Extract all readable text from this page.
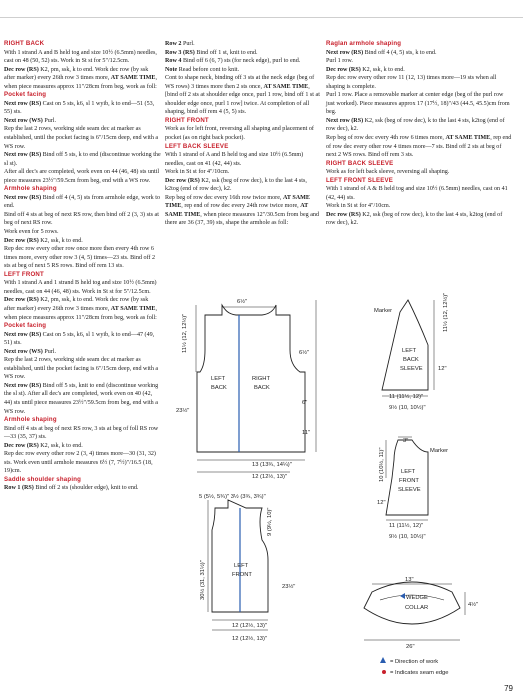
RIGHT BACK

With 1 strand A and B held tog and size 10½ (6.5mm) needles, cast on 48 (50, 52) sts. Work in St st for 5"/12.5cm.

Dec row (RS) K2, pm, ssk, k to end. Work dec row (by ssk after marker) every 26th row 3 times more, AT SAME TIME, when piece measures approx 11"/28cm from beg, work as foll:

Pocket facing

Next row (RS) Cast on 5 sts, k6, sl 1 wyib, k to end—51 (53, 55) sts.

Next row (WS) Purl.

Rep the last 2 rows, working side seam dec at marker as established, until the pocket facing is 6"/15cm deep, end with a WS row.

Next row (RS) Bind off 5 sts, k to end (discontinue working the sl st).

After all dec's are completed, work even on 44 (46, 48) sts until piece measures 23½"/59.5cm from beg, end with a WS row.

Armhole shaping

Next row (RS) Bind off 4 (4, 5) sts from armhole edge, work to end.

Bind off 4 sts at beg of next RS row, then bind off 2 (3, 3) sts at beg of next RS row.

Work even for 5 rows.

Dec row (RS) K2, ssk, k to end.

Rep dec row every other row once more then every 4th row 6 times more, every other row 3 (4, 5) times—23 sts. Bind off 2 sts at beg of next 5 RS rows. Bind off rem 13 sts.

LEFT FRONT

With 1 strand A and 1 strand B held tog and size 10½ (6.5mm) needles, cast on 44 (46, 48) sts. Work in St st for 5"/12.5cm.

Dec row (RS) K2, pm, ssk, k to end. Work dec row (by ssk after marker) every 26th row 3 times more, AT SAME TIME, when piece measures approx 11"/28cm from beg, work as foll:

Pocket facing

Next row (RS) Cast on 5 sts, k6, sl 1 wyib, k to end—47 (49, 51) sts.

Next row (WS) Purl.

Rep the last 2 rows, working side seam dec at marker as established, until the pocket facing is 6"/15cm deep, end with a WS row.

Next row (RS) Bind off 5 sts, knit to end (discontinue working the sl st). After all dec's are completed, work even on 40 (42, 44) sts until piece measures 23½"/59.5cm from beg, end with a WS row.

Armhole shaping

Bind off 4 sts at beg of next RS row, 3 sts at beg of foll RS row—33 (35, 37) sts.

Dec row (RS) K2, ssk, k to end.

Rep dec row every other row 2 (3, 4) times more—30 (31, 32) sts. Work even until armhole measures 6½ (7, 7½)"/16.5 (18, 19)cm.

Saddle shoulder shaping

Row 1 (RS) Bind off 2 sts (shoulder edge), knit to end.

Row 2 Purl.

Row 3 (RS) Bind off 1 st, knit to end.

Row 4 Bind off 6 (6, 7) sts (for neck edge), purl to end.

Note Read before cont to knit.

Cont to shape neck, binding off 3 sts at the neck edge (beg of WS rows) 3 times more then 2 sts once, AT SAME TIME, [bind off 2 sts at shoulder edge once, purl 1 row, bind off 1 st at shoulder edge once, purl 1 row] twice. At completion of all shaping, bind off rem 4 (5, 5) sts.

RIGHT FRONT

Work as for left front, reversing all shaping and placement of pocket (as on right back pocket).

LEFT BACK SLEEVE

With 1 strand of A and B held tog and size 10½ (6.5mm) needles, cast on 41 (42, 44) sts.

Work in St st for 4"/10cm.

Dec row (RS) K2, ssk (beg of row dec), k to the last 4 sts, k2tog (end of row dec), k2.

Rep beg of row dec every 16th row twice more, AT SAME TIME, rep end of row dec every 24th row twice more, AT SAME TIME, when piece measures 12"/30.5cm from beg and there are 36 (37, 39) sts, shape the armhole as foll:

Raglan armhole shaping

Next row (RS) Bind off 4 (4, 5) sts, k to end.

Purl 1 row.

Dec row (RS) K2, ssk, k to end.

Rep dec row every other row 11 (12, 13) times more—19 sts when all shaping is complete.

Purl 1 row. Place a removable marker at center edge (beg of the purl row just worked). Piece measures approx 17 (17½, 18)"/43 (44.5, 45.5)cm from beg.

Next row (RS) K2, ssk (beg of row dec), k to the last 4 sts, k2tog (end of row dec), k2.

Rep beg of row dec every 4th row 6 times more, AT SAME TIME, rep end of row dec every other row 4 times more—7 sts. Bind off 2 sts at beg of next 2 WS rows. Bind off rem 3 sts.

RIGHT BACK SLEEVE

Work as for left back sleeve, reversing all shaping.

LEFT FRONT SLEEVE

With 1 strand of A & B held tog and size 10½ (6.5mm) needles, cast on 41 (42, 44) sts.

Work in St st for 4"/10cm.

Dec row (RS) K2, ssk (beg of row dec), k to the last 4 sts, k2tog (end of row dec), k2.

LEFT
BACK
RIGHT
BACK
6½"
11½ (12, 12½)"	6½"
6"
11"
23½"
13 (13¾, 14¼)"
12 (12½, 13)"
LEFT
FRONT
5 (5½, 5¾)" 3½ (3¾, 3¾)"
9 (9½, 10)"
30½ (31, 31½)"	23½"
12 (12½, 13)"
12 (12½, 13)"
LEFT
BACK
SLEEVE
Marker	11½ (12, 12½)"
12"
11 (11½, 12)"
9½ (10, 10½)"
LEFT
FRONT
SLEEVE
Marker
3"
10 (10½, 11)"
12"
11 (11½, 12)"
9½ (10, 10½)"
WEDGE
COLLAR
13"
26"
4½"
= Direction of work
= Indicates seam edge
79
